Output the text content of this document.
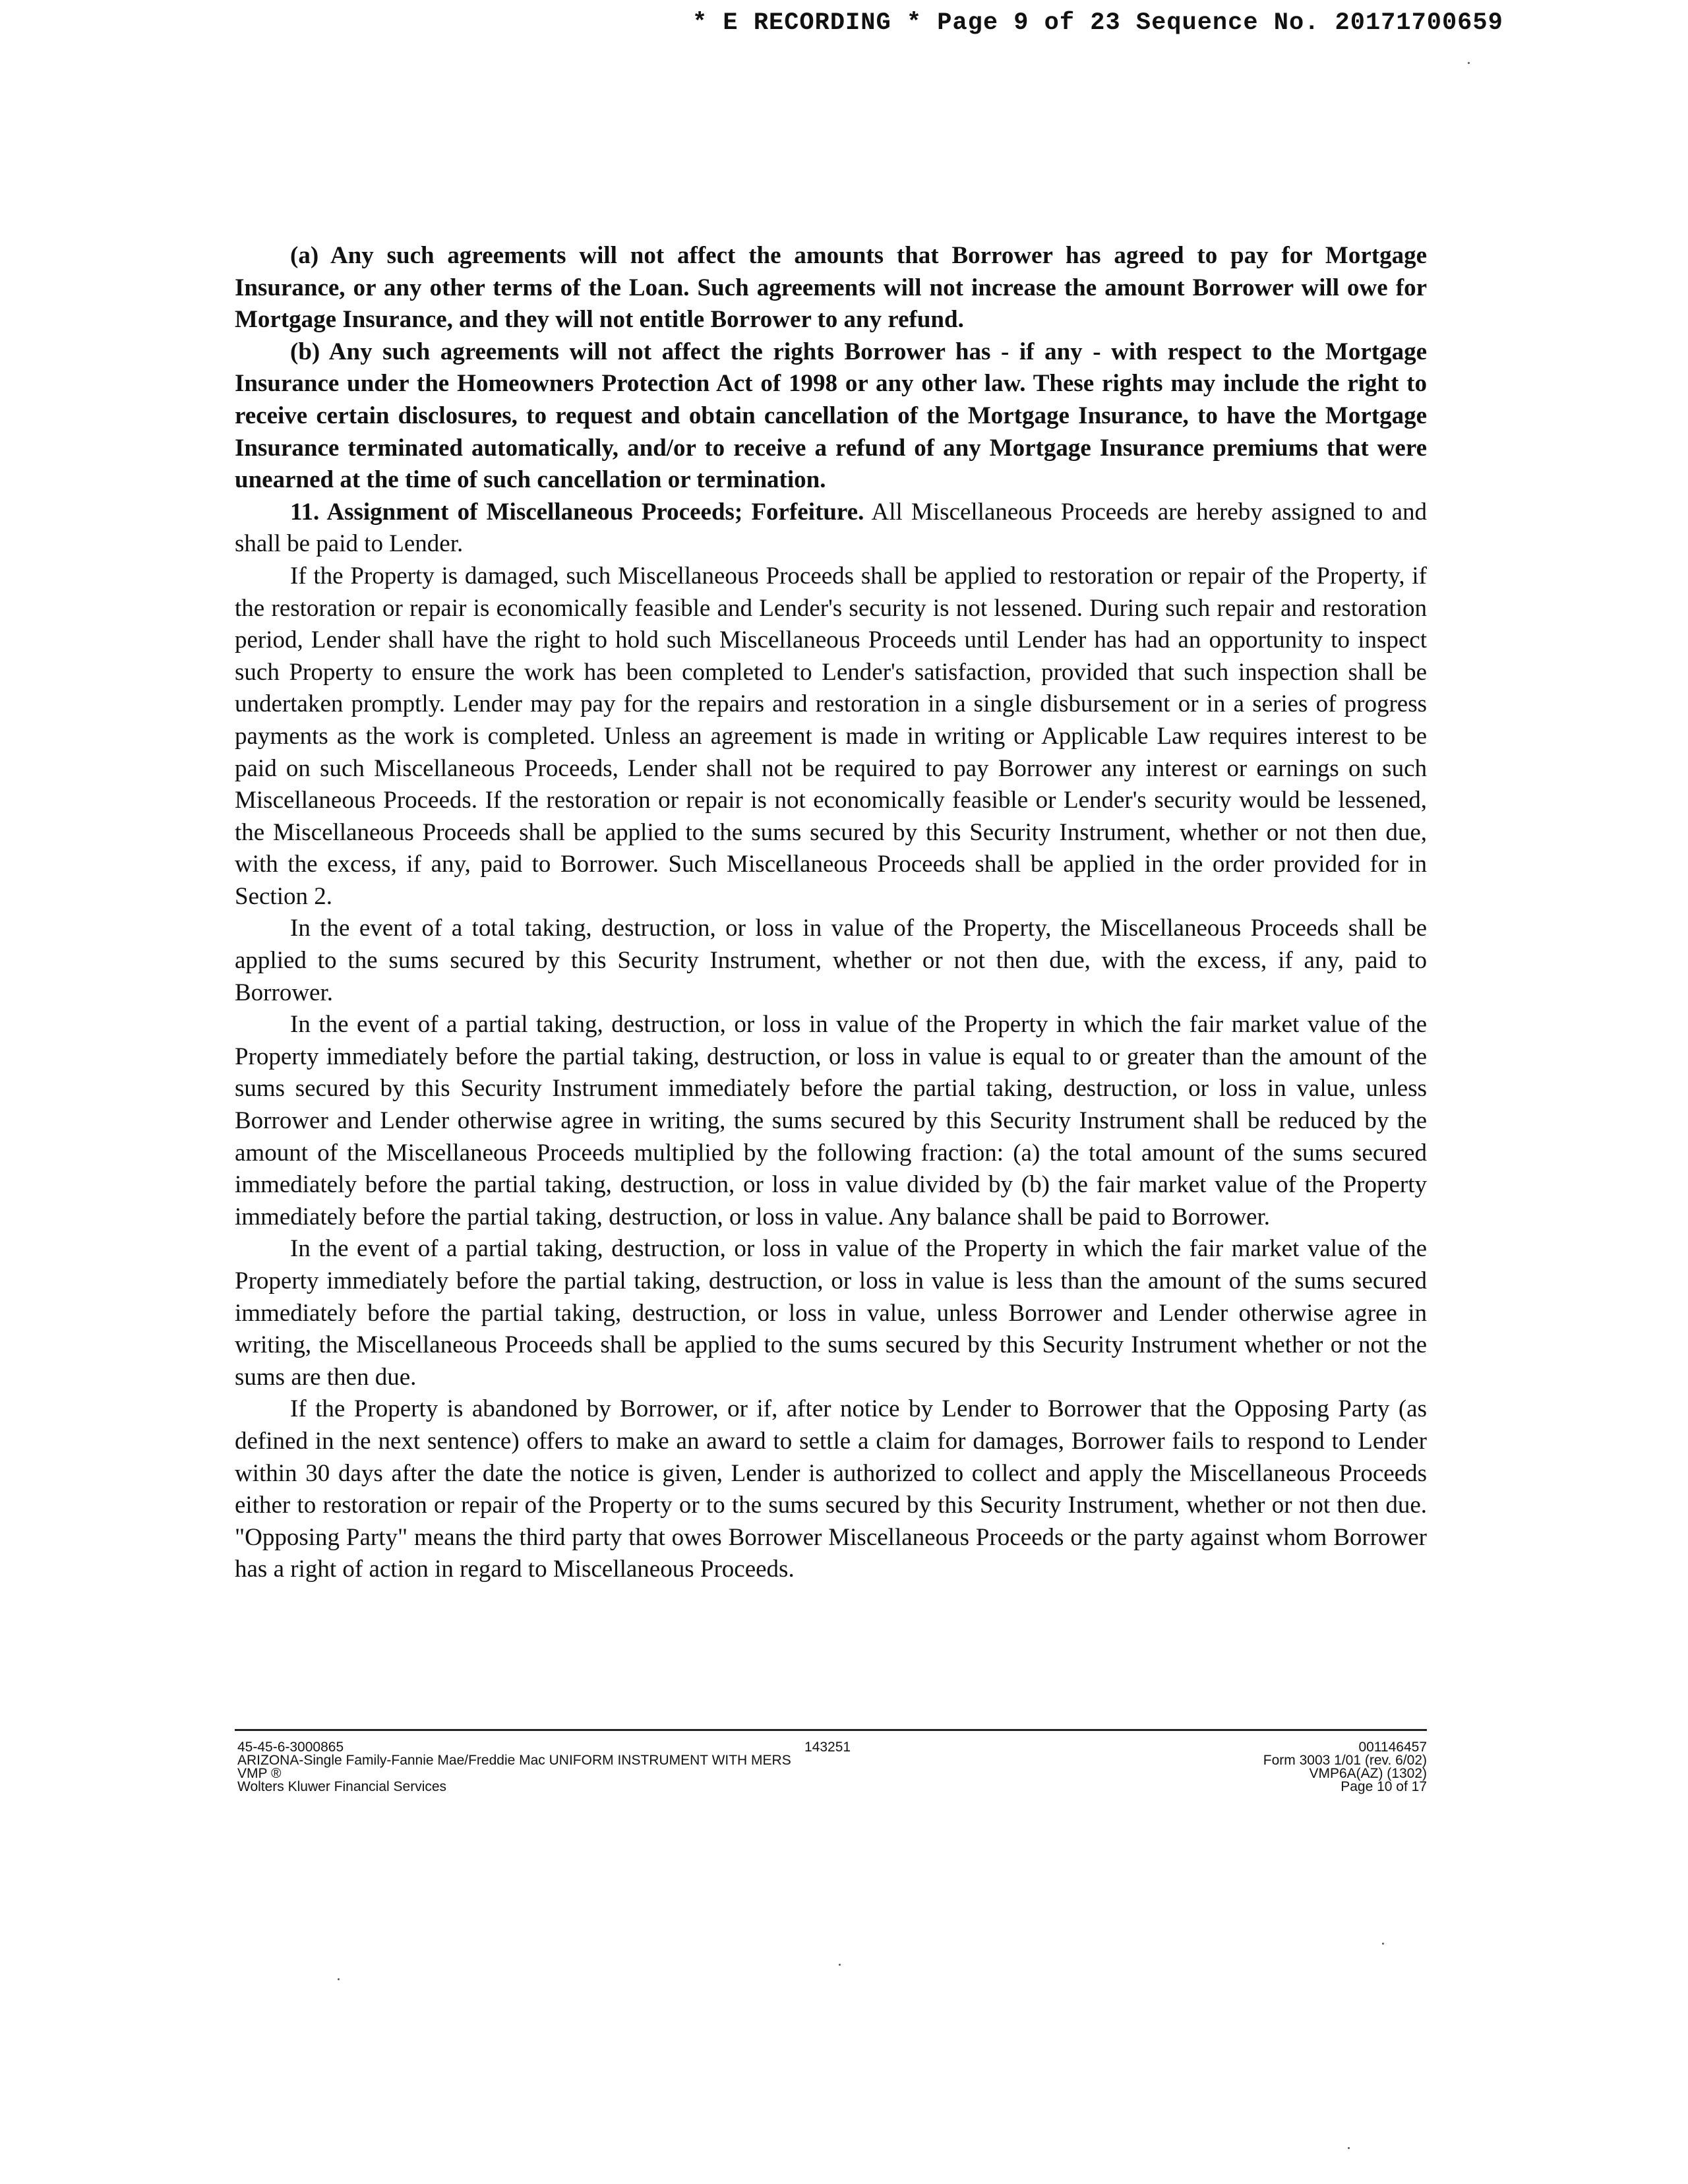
* E RECORDING * Page 9 of 23 Sequence No. 20171700659

(a) Any such agreements will not affect the amounts that Borrower has agreed to pay for Mortgage Insurance, or any other terms of the Loan. Such agreements will not increase the amount Borrower will owe for Mortgage Insurance, and they will not entitle Borrower to any refund.

(b) Any such agreements will not affect the rights Borrower has - if any - with respect to the Mortgage Insurance under the Homeowners Protection Act of 1998 or any other law. These rights may include the right to receive certain disclosures, to request and obtain cancellation of the Mortgage Insurance, to have the Mortgage Insurance terminated automatically, and/or to receive a refund of any Mortgage Insurance premiums that were unearned at the time of such cancellation or termination.

11. Assignment of Miscellaneous Proceeds; Forfeiture. All Miscellaneous Proceeds are hereby assigned to and shall be paid to Lender.

If the Property is damaged, such Miscellaneous Proceeds shall be applied to restoration or repair of the Property, if the restoration or repair is economically feasible and Lender's security is not lessened. During such repair and restoration period, Lender shall have the right to hold such Miscellaneous Proceeds until Lender has had an opportunity to inspect such Property to ensure the work has been completed to Lender's satisfaction, provided that such inspection shall be undertaken promptly. Lender may pay for the repairs and restoration in a single disbursement or in a series of progress payments as the work is completed. Unless an agreement is made in writing or Applicable Law requires interest to be paid on such Miscellaneous Proceeds, Lender shall not be required to pay Borrower any interest or earnings on such Miscellaneous Proceeds. If the restoration or repair is not economically feasible or Lender's security would be lessened, the Miscellaneous Proceeds shall be applied to the sums secured by this Security Instrument, whether or not then due, with the excess, if any, paid to Borrower. Such Miscellaneous Proceeds shall be applied in the order provided for in Section 2.

In the event of a total taking, destruction, or loss in value of the Property, the Miscellaneous Proceeds shall be applied to the sums secured by this Security Instrument, whether or not then due, with the excess, if any, paid to Borrower.

In the event of a partial taking, destruction, or loss in value of the Property in which the fair market value of the Property immediately before the partial taking, destruction, or loss in value is equal to or greater than the amount of the sums secured by this Security Instrument immediately before the partial taking, destruction, or loss in value, unless Borrower and Lender otherwise agree in writing, the sums secured by this Security Instrument shall be reduced by the amount of the Miscellaneous Proceeds multiplied by the following fraction: (a) the total amount of the sums secured immediately before the partial taking, destruction, or loss in value divided by (b) the fair market value of the Property immediately before the partial taking, destruction, or loss in value. Any balance shall be paid to Borrower.

In the event of a partial taking, destruction, or loss in value of the Property in which the fair market value of the Property immediately before the partial taking, destruction, or loss in value is less than the amount of the sums secured immediately before the partial taking, destruction, or loss in value, unless Borrower and Lender otherwise agree in writing, the Miscellaneous Proceeds shall be applied to the sums secured by this Security Instrument whether or not the sums are then due.

If the Property is abandoned by Borrower, or if, after notice by Lender to Borrower that the Opposing Party (as defined in the next sentence) offers to make an award to settle a claim for damages, Borrower fails to respond to Lender within 30 days after the date the notice is given, Lender is authorized to collect and apply the Miscellaneous Proceeds either to restoration or repair of the Property or to the sums secured by this Security Instrument, whether or not then due. "Opposing Party" means the third party that owes Borrower Miscellaneous Proceeds or the party against whom Borrower has a right of action in regard to Miscellaneous Proceeds.

45-45-6-3000865
ARIZONA-Single Family-Fannie Mae/Freddie Mac UNIFORM INSTRUMENT WITH MERS
VMP ®
Wolters Kluwer Financial Services
143251	001146457
Form 3003 1/01 (rev. 6/02)
VMP6A(AZ) (1302)
Page 10 of 17
